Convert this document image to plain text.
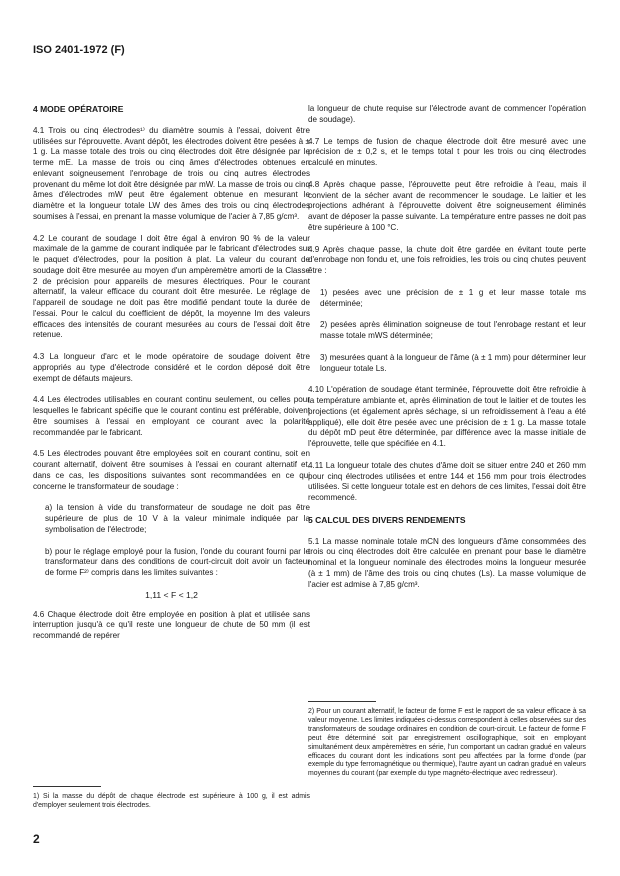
ISO 2401-1972 (F)
4 MODE OPÉRATOIRE

4.1 Trois ou cinq électrodes¹⁾ du diamètre soumis à l'essai, doivent être utilisées sur l'éprouvette. Avant dépôt, les électrodes doivent être pesées à ± 1 g. La masse totale des trois ou cinq électrodes doit être désignée par le terme mE. La masse de trois ou cinq âmes d'électrodes obtenues en enlevant soigneusement l'enrobage de trois ou cinq autres électrodes provenant du même lot doit être désignée par mW. La masse de trois ou cinq âmes d'électrodes mW peut être également obtenue en mesurant le diamètre et la longueur totale LW des âmes des trois ou cinq électrodes soumises à l'essai, en prenant la masse volumique de l'acier à 7,85 g/cm³.

4.2 Le courant de soudage I doit être égal à environ 90 % de la valeur maximale de la gamme de courant indiquée par le fabricant d'électrodes sur le paquet d'électrodes, pour la position à plat. La valeur du courant de soudage doit être mesurée au moyen d'un ampèremètre amorti de la Classe 2 de précision pour appareils de mesures électriques. Pour le courant alternatif, la valeur efficace du courant doit être mesurée. Le réglage de l'appareil de soudage ne doit pas être modifié pendant toute la durée de l'essai. Pour le calcul du coefficient de dépôt, la moyenne Im des valeurs efficaces des intensités de courant mesurées au cours de l'essai doit être retenue.

4.3 La longueur d'arc et le mode opératoire de soudage doivent être appropriés au type d'électrode considéré et le cordon déposé doit être exempt de défauts majeurs.

4.4 Les électrodes utilisables en courant continu seulement, ou celles pour lesquelles le fabricant spécifie que le courant continu est préférable, doivent être soumises à l'essai en employant ce courant avec la polarité recommandée par le fabricant.

4.5 Les électrodes pouvant être employées soit en courant continu, soit en courant alternatif, doivent être soumises à l'essai en courant alternatif et, dans ce cas, les dispositions suivantes sont recommandées en ce qui concerne le transformateur de soudage :

a) la tension à vide du transformateur de soudage ne doit pas être supérieure de plus de 10 V à la valeur minimale indiquée par la symbolisation de l'électrode;

b) pour le réglage employé pour la fusion, l'onde du courant fourni par le transformateur dans des conditions de court-circuit doit avoir un facteur de forme F²⁾ compris dans les limites suivantes :

1,11 < F < 1,2

4.6 Chaque électrode doit être employée en position à plat et utilisée sans interruption jusqu'à ce qu'il reste une longueur de chute de 50 mm (il est recommandé de repérer

1) Si la masse du dépôt de chaque électrode est supérieure à 100 g, il est admis d'employer seulement trois électrodes.

la longueur de chute requise sur l'électrode avant de commencer l'opération de soudage).

4.7 Le temps de fusion de chaque électrode doit être mesuré avec une précision de ± 0,2 s, et le temps total t pour les trois ou cinq électrodes calculé en minutes.

4.8 Après chaque passe, l'éprouvette peut être refroidie à l'eau, mais il convient de la sécher avant de recommencer le soudage. Le laitier et les projections adhérant à l'éprouvette doivent être soigneusement éliminés avant de déposer la passe suivante. La température entre passes ne doit pas être supérieure à 100 °C.

4.9 Après chaque passe, la chute doit être gardée en évitant toute perte d'enrobage non fondu et, une fois refroidies, les trois ou cinq chutes peuvent être :

1) pesées avec une précision de ± 1 g et leur masse totale ms déterminée;

2) pesées après élimination soigneuse de tout l'enrobage restant et leur masse totale mWS déterminée;

3) mesurées quant à la longueur de l'âme (à ± 1 mm) pour déterminer leur longueur totale Ls.

4.10 L'opération de soudage étant terminée, l'éprouvette doit être refroidie à la température ambiante et, après élimination de tout le laitier et de toutes les projections (et également après séchage, si un refroidissement à l'eau a été appliqué), elle doit être pesée avec une précision de ± 1 g. La masse totale du dépôt mD peut être déterminée, par différence avec la masse initiale de l'éprouvette, telle que spécifiée en 4.1.

4.11 La longueur totale des chutes d'âme doit se situer entre 240 et 260 mm pour cinq électrodes utilisées et entre 144 et 156 mm pour trois électrodes utilisées. Si cette longueur totale est en dehors de ces limites, l'essai doit être recommencé.

5 CALCUL DES DIVERS RENDEMENTS

5.1 La masse nominale totale mCN des longueurs d'âme consommées des trois ou cinq électrodes doit être calculée en prenant pour base le diamètre nominal et la longueur nominale des électrodes moins la longueur mesurée (à ± 1 mm) de l'âme des trois ou cinq chutes (Ls). La masse volumique de l'acier est admise à 7,85 g/cm³.

2) Pour un courant alternatif, le facteur de forme F est le rapport de sa valeur efficace à sa valeur moyenne. Les limites indiquées ci-dessus correspondent à celles observées sur des transformateurs de soudage ordinaires en condition de court-circuit. Le facteur de forme F peut être déterminé soit par enregistrement oscillographique, soit en employant simultanément deux ampèremètres en série, l'un comportant un cadran gradué en valeurs efficaces du courant dont les indications sont peu affectées par la forme d'onde (par exemple du type ferromagnétique ou thermique), l'autre ayant un cadran gradué en valeurs moyennes du courant (par exemple du type magnéto-électrique avec redresseur).
2
